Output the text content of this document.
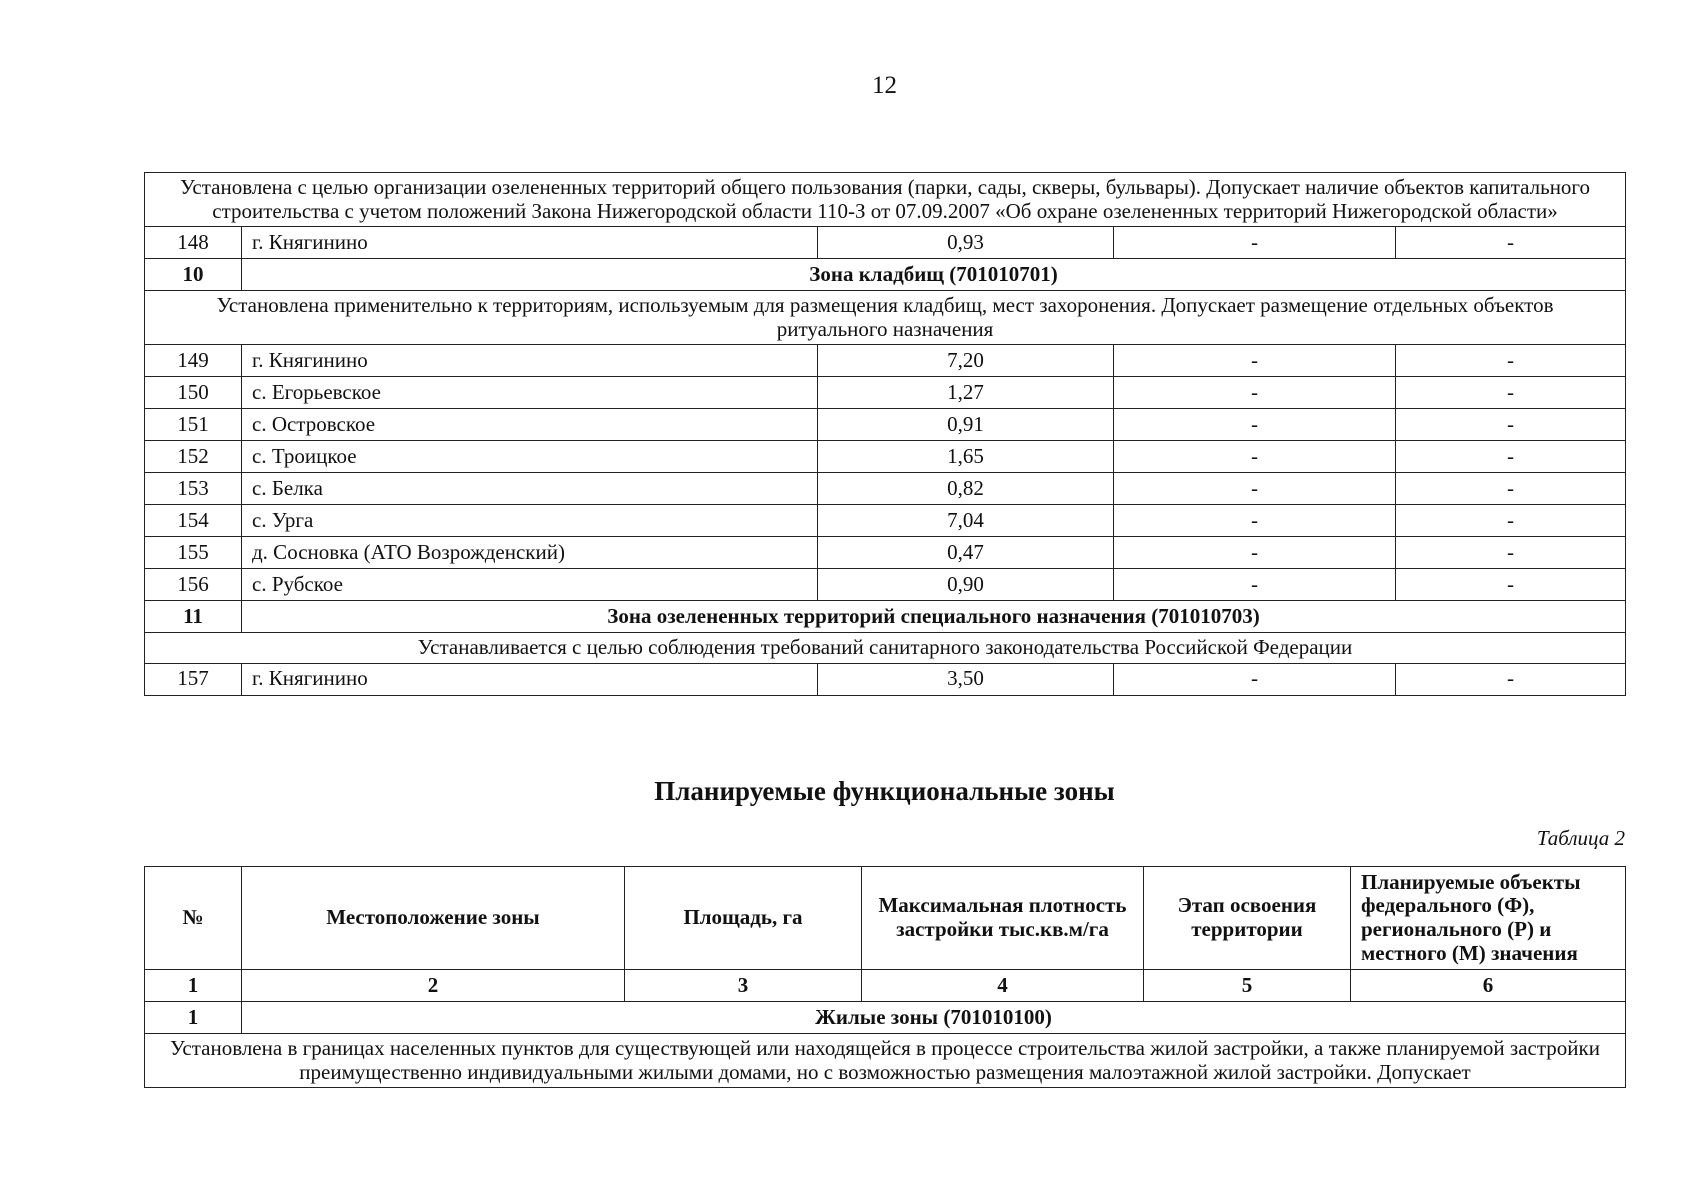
12
Установлена с целью организации озелененных территорий общего пользования (парки, сады, скверы, бульвары). Допускает наличие объектов капитального строительства с учетом положений Закона Нижегородской области 110-З от 07.09.2007 «Об охране озелененных территорий Нижегородской области»				
148	г. Княгинино	0,93	-	-
10	Зона кладбищ (701010701)			
Установлена применительно к территориям, используемым для размещения кладбищ, мест захоронения. Допускает размещение отдельных объектов ритуального назначения				
149	г. Княгинино	7,20	-	-
150	с. Егорьевское	1,27	-	-
151	с. Островское	0,91	-	-
152	с. Троицкое	1,65	-	-
153	с. Белка	0,82	-	-
154	с. Урга	7,04	-	-
155	д. Сосновка (АТО Возрожденский)	0,47	-	-
156	с. Рубское	0,90	-	-
11	Зона озелененных территорий специального назначения (701010703)			
Устанавливается с целью соблюдения требований санитарного законодательства Российской Федерации				
157	г. Княгинино	3,50	-	-
Планируемые функциональные зоны
Таблица 2
№	Местоположение зоны	Площадь, га	Максимальная плотность застройки тыс.кв.м/га	Этап освоения территории	Планируемые объекты федерального (Ф), регионального (Р) и местного (М) значения
1	2	3	4	5	6
1	Жилые зоны (701010100)				
Установлена в границах населенных пунктов для существующей или находящейся в процессе строительства жилой застройки, а также планируемой застройки преимущественно индивидуальными жилыми домами, но с возможностью размещения малоэтажной жилой застройки. Допускает					
